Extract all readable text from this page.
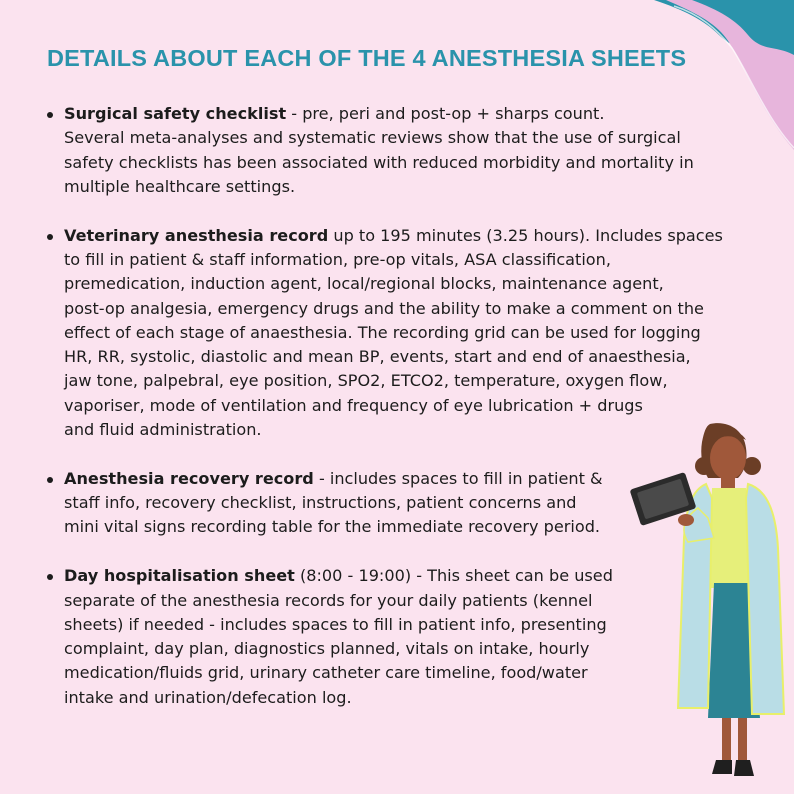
DETAILS ABOUT EACH OF THE 4 ANESTHESIA SHEETS
Surgical safety checklist - pre, peri and post-op + sharps count.
Several meta-analyses and systematic reviews show that the use of surgical
safety checklists has been associated with reduced morbidity and mortality in
multiple healthcare settings.
Veterinary anesthesia record up to 195 minutes (3.25 hours). Includes spaces
to fill in patient & staff information, pre-op vitals, ASA classification,
premedication, induction agent, local/regional blocks, maintenance agent,
post-op analgesia, emergency drugs and the ability to make a comment on the
effect of each stage of anaesthesia. The recording grid can be used for logging
HR, RR, systolic, diastolic and mean BP, events, start and end of anaesthesia,
jaw tone, palpebral, eye position, SPO2, ETCO2, temperature, oxygen flow,
vaporiser, mode of ventilation and frequency of eye lubrication + drugs
and fluid administration.
Anesthesia recovery record - includes spaces to fill in patient &
staff info, recovery checklist, instructions, patient concerns and
mini vital signs recording table for the immediate recovery period.
Day hospitalisation sheet (8:00 - 19:00) - This sheet can be used
separate of the anesthesia records for your daily patients (kennel
sheets) if needed - includes spaces to fill in patient info, presenting
complaint, day plan, diagnostics planned, vitals on intake, hourly
medication/fluids grid, urinary catheter care timeline, food/water
intake and urination/defecation log.
